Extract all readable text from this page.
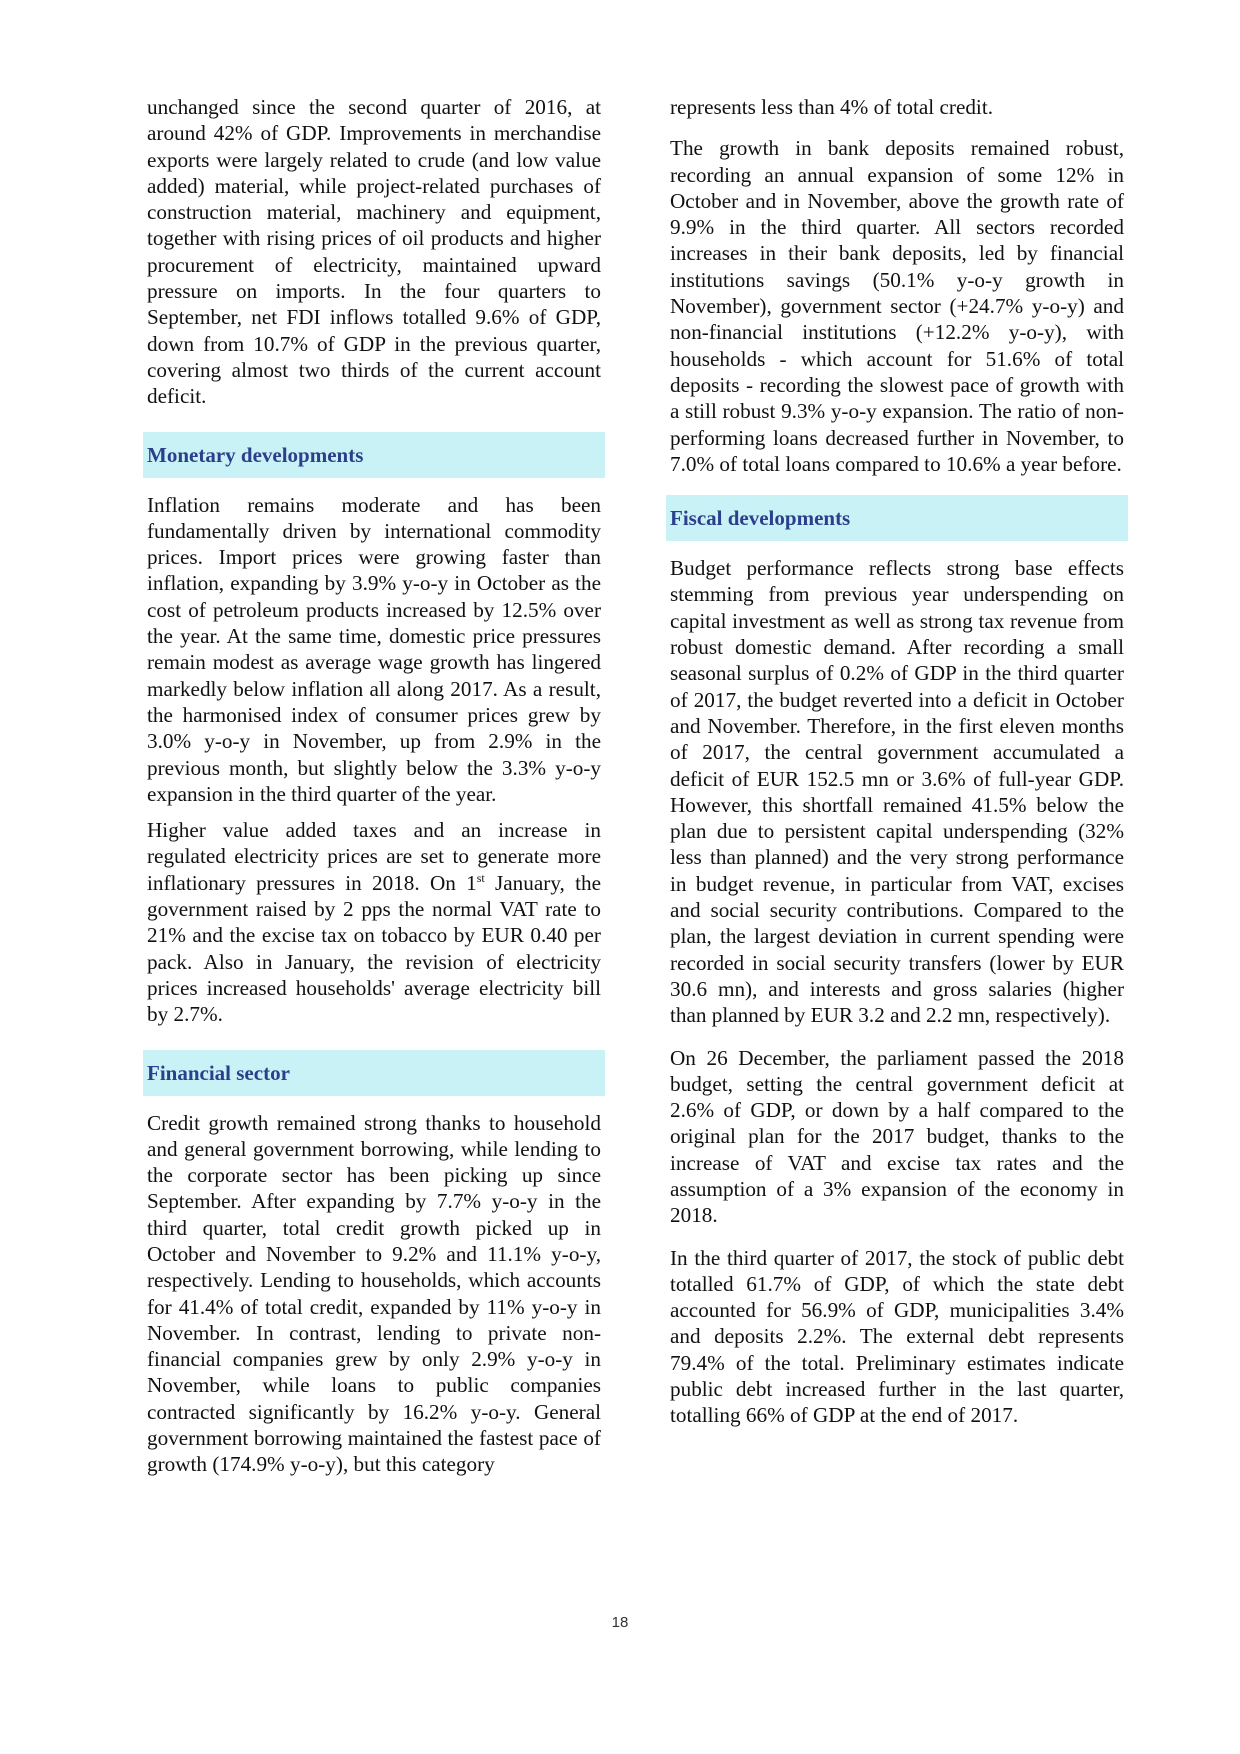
unchanged since the second quarter of 2016, at around 42% of GDP. Improvements in merchandise exports were largely related to crude (and low value added) material, while project-related purchases of construction material, machinery and equipment, together with rising prices of oil products and higher procurement of electricity, maintained upward pressure on imports. In the four quarters to September, net FDI inflows totalled 9.6% of GDP, down from 10.7% of GDP in the previous quarter, covering almost two thirds of the current account deficit.

Monetary developments

Inflation remains moderate and has been fundamentally driven by international commodity prices. Import prices were growing faster than inflation, expanding by 3.9% y-o-y in October as the cost of petroleum products increased by 12.5% over the year. At the same time, domestic price pressures remain modest as average wage growth has lingered markedly below inflation all along 2017. As a result, the harmonised index of consumer prices grew by 3.0% y-o-y in November, up from 2.9% in the previous month, but slightly below the 3.3% y-o-y expansion in the third quarter of the year.

Higher value added taxes and an increase in regulated electricity prices are set to generate more inflationary pressures in 2018. On 1st January, the government raised by 2 pps the normal VAT rate to 21% and the excise tax on tobacco by EUR 0.40 per pack. Also in January, the revision of electricity prices increased households' average electricity bill by 2.7%.

Financial sector

Credit growth remained strong thanks to household and general government borrowing, while lending to the corporate sector has been picking up since September. After expanding by 7.7% y-o-y in the third quarter, total credit growth picked up in October and November to 9.2% and 11.1% y-o-y, respectively. Lending to households, which accounts for 41.4% of total credit, expanded by 11% y-o-y in November. In contrast, lending to private non-financial companies grew by only 2.9% y-o-y in November, while loans to public companies contracted significantly by 16.2% y-o-y. General government borrowing maintained the fastest pace of growth (174.9% y-o-y), but this category

represents less than 4% of total credit.

The growth in bank deposits remained robust, recording an annual expansion of some 12% in October and in November, above the growth rate of 9.9% in the third quarter. All sectors recorded increases in their bank deposits, led by financial institutions savings (50.1% y-o-y growth in November), government sector (+24.7% y-o-y) and non-financial institutions (+12.2% y-o-y), with households - which account for 51.6% of total deposits - recording the slowest pace of growth with a still robust 9.3% y-o-y expansion. The ratio of non-performing loans decreased further in November, to 7.0% of total loans compared to 10.6% a year before.

Fiscal developments

Budget performance reflects strong base effects stemming from previous year underspending on capital investment as well as strong tax revenue from robust domestic demand. After recording a small seasonal surplus of 0.2% of GDP in the third quarter of 2017, the budget reverted into a deficit in October and November. Therefore, in the first eleven months of 2017, the central government accumulated a deficit of EUR 152.5 mn or 3.6% of full-year GDP. However, this shortfall remained 41.5% below the plan due to persistent capital underspending (32% less than planned) and the very strong performance in budget revenue, in particular from VAT, excises and social security contributions. Compared to the plan, the largest deviation in current spending were recorded in social security transfers (lower by EUR 30.6 mn), and interests and gross salaries (higher than planned by EUR 3.2 and 2.2 mn, respectively).

On 26 December, the parliament passed the 2018 budget, setting the central government deficit at 2.6% of GDP, or down by a half compared to the original plan for the 2017 budget, thanks to the increase of VAT and excise tax rates and the assumption of a 3% expansion of the economy in 2018.

In the third quarter of 2017, the stock of public debt totalled 61.7% of GDP, of which the state debt accounted for 56.9% of GDP, municipalities 3.4% and deposits 2.2%. The external debt represents 79.4% of the total. Preliminary estimates indicate public debt increased further in the last quarter, totalling 66% of GDP at the end of 2017.

18
